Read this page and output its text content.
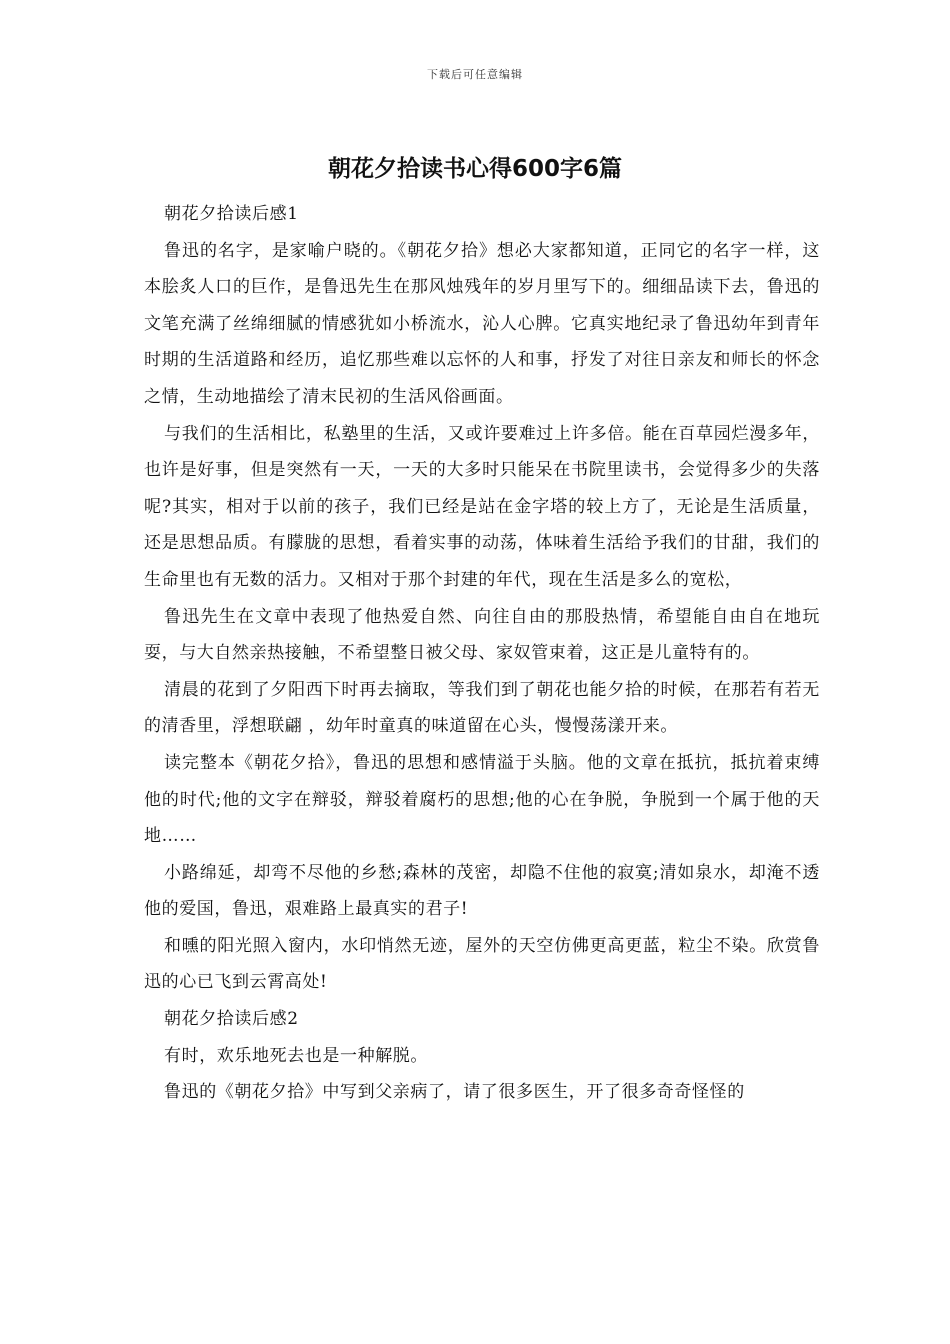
下载后可任意编辑
朝花夕拾读书心得600字6篇

朝花夕拾读后感1

鲁迅的名字，是家喻户晓的。《朝花夕拾》想必大家都知道，正同它的名字一样，这本脍炙人口的巨作，是鲁迅先生在那风烛残年的岁月里写下的。细细品读下去，鲁迅的文笔充满了丝绵细腻的情感犹如小桥流水，沁人心脾。它真实地纪录了鲁迅幼年到青年时期的生活道路和经历，追忆那些难以忘怀的人和事，抒发了对往日亲友和师长的怀念之情，生动地描绘了清末民初的生活风俗画面。

与我们的生活相比，私塾里的生活，又或许要难过上许多倍。能在百草园烂漫多年，也许是好事，但是突然有一天，一天的大多时只能呆在书院里读书，会觉得多少的失落呢?其实，相对于以前的孩子，我们已经是站在金字塔的较上方了，无论是生活质量，还是思想品质。有朦胧的思想，看着实事的动荡，体味着生活给予我们的甘甜，我们的生命里也有无数的活力。又相对于那个封建的年代，现在生活是多么的宽松，

鲁迅先生在文章中表现了他热爱自然、向往自由的那股热情，希望能自由自在地玩耍，与大自然亲热接触，不希望整日被父母、家奴管束着，这正是儿童特有的。

清晨的花到了夕阳西下时再去摘取，等我们到了朝花也能夕拾的时候，在那若有若无的清香里，浮想联翩 ，幼年时童真的味道留在心头，慢慢荡漾开来。

读完整本《朝花夕拾》，鲁迅的思想和感情溢于头脑。他的文章在抵抗，抵抗着束缚他的时代;他的文字在辩驳，辩驳着腐朽的思想;他的心在争脱，争脱到一个属于他的天地……

小路绵延，却弯不尽他的乡愁;森林的茂密，却隐不住他的寂寞;清如泉水，却淹不透他的爱国，鲁迅，艰难路上最真实的君子!

和曛的阳光照入窗内，水印悄然无迹，屋外的天空仿佛更高更蓝，粒尘不染。欣赏鲁迅的心已飞到云霄高处!

朝花夕拾读后感2

有时，欢乐地死去也是一种解脱。

鲁迅的《朝花夕拾》中写到父亲病了，请了很多医生，开了很多奇奇怪怪的
